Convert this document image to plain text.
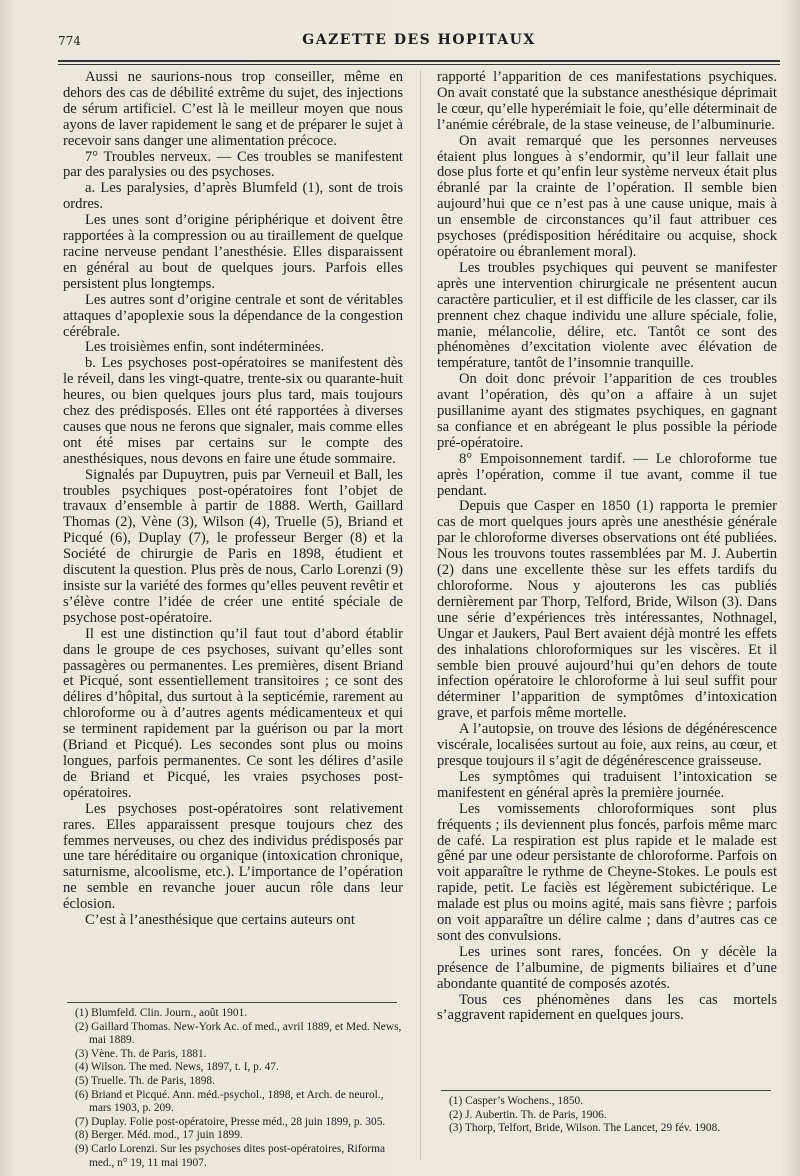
774	GAZETTE DES HOPITAUX

Aussi ne saurions-nous trop conseiller, même en dehors des cas de débilité extrême du sujet, des injections de sérum artificiel. C’est là le meilleur moyen que nous ayons de laver rapidement le sang et de préparer le sujet à recevoir sans danger une alimentation précoce.

7° Troubles nerveux. — Ces troubles se manifestent par des paralysies ou des psychoses.

a. Les paralysies, d’après Blumfeld (1), sont de trois ordres.

Les unes sont d’origine périphérique et doivent être rapportées à la compression ou au tiraillement de quelque racine nerveuse pendant l’anesthésie. Elles disparaissent en général au bout de quelques jours. Parfois elles persistent plus longtemps.

Les autres sont d’origine centrale et sont de véritables attaques d’apoplexie sous la dépendance de la congestion cérébrale.

Les troisièmes enfin, sont indéterminées.

b. Les psychoses post-opératoires se manifestent dès le réveil, dans les vingt-quatre, trente-six ou quarante-huit heures, ou bien quelques jours plus tard, mais toujours chez des prédisposés. Elles ont été rapportées à diverses causes que nous ne ferons que signaler, mais comme elles ont été mises par certains sur le compte des anesthésiques, nous devons en faire une étude sommaire.

Signalés par Dupuytren, puis par Verneuil et Ball, les troubles psychiques post-opératoires font l’objet de travaux d’ensemble à partir de 1888. Werth, Gaillard Thomas (2), Vène (3), Wilson (4), Truelle (5), Briand et Picqué (6), Duplay (7), le professeur Berger (8) et la Société de chirurgie de Paris en 1898, étudient et discutent la question. Plus près de nous, Carlo Lorenzi (9) insiste sur la variété des formes qu’elles peuvent revêtir et s’élève contre l’idée de créer une entité spéciale de psychose post-opératoire.

Il est une distinction qu’il faut tout d’abord établir dans le groupe de ces psychoses, suivant qu’elles sont passagères ou permanentes. Les premières, disent Briand et Picqué, sont essentiellement transitoires ; ce sont des délires d’hôpital, dus surtout à la septicémie, rarement au chloroforme ou à d’autres agents médicamenteux et qui se terminent rapidement par la guérison ou par la mort (Briand et Picqué). Les secondes sont plus ou moins longues, parfois permanentes. Ce sont les délires d’asile de Briand et Picqué, les vraies psychoses post-opératoires.

Les psychoses post-opératoires sont relativement rares. Elles apparaissent presque toujours chez des femmes nerveuses, ou chez des individus prédisposés par une tare héréditaire ou organique (intoxication chronique, saturnisme, alcoolisme, etc.). L’importance de l’opération ne semble en revanche jouer aucun rôle dans leur éclosion.

C’est à l’anesthésique que certains auteurs ont

rapporté l’apparition de ces manifestations psychiques. On avait constaté que la substance anesthésique déprimait le cœur, qu’elle hyperémiait le foie, qu’elle déterminait de l’anémie cérébrale, de la stase veineuse, de l’albuminurie.

On avait remarqué que les personnes nerveuses étaient plus longues à s’endormir, qu’il leur fallait une dose plus forte et qu’enfin leur système nerveux était plus ébranlé par la crainte de l’opération. Il semble bien aujourd’hui que ce n’est pas à une cause unique, mais à un ensemble de circonstances qu’il faut attribuer ces psychoses (prédisposition héréditaire ou acquise, shock opératoire ou ébranlement moral).

Les troubles psychiques qui peuvent se manifester après une intervention chirurgicale ne présentent aucun caractère particulier, et il est difficile de les classer, car ils prennent chez chaque individu une allure spéciale, folie, manie, mélancolie, délire, etc. Tantôt ce sont des phénomènes d’excitation violente avec élévation de température, tantôt de l’insomnie tranquille.

On doit donc prévoir l’apparition de ces troubles avant l’opération, dès qu’on a affaire à un sujet pusillanime ayant des stigmates psychiques, en gagnant sa confiance et en abrégeant le plus possible la période pré-opératoire.

8° Empoisonnement tardif. — Le chloroforme tue après l’opération, comme il tue avant, comme il tue pendant.

Depuis que Casper en 1850 (1) rapporta le premier cas de mort quelques jours après une anesthésie générale par le chloroforme diverses observations ont été publiées. Nous les trouvons toutes rassemblées par M. J. Aubertin (2) dans une excellente thèse sur les effets tardifs du chloroforme. Nous y ajouterons les cas publiés dernièrement par Thorp, Telford, Bride, Wilson (3). Dans une série d’expériences très intéressantes, Nothnagel, Ungar et Jaukers, Paul Bert avaient déjà montré les effets des inhalations chloroformiques sur les viscères. Et il semble bien prouvé aujourd’hui qu’en dehors de toute infection opératoire le chloroforme à lui seul suffit pour déterminer l’apparition de symptômes d’intoxication grave, et parfois même mortelle.

A l’autopsie, on trouve des lésions de dégénérescence viscérale, localisées surtout au foie, aux reins, au cœur, et presque toujours il s’agit de dégénérescence graisseuse.

Les symptômes qui traduisent l’intoxication se manifestent en général après la première journée.

Les vomissements chloroformiques sont plus fréquents ; ils deviennent plus foncés, parfois même marc de café. La respiration est plus rapide et le malade est gêné par une odeur persistante de chloroforme. Parfois on voit apparaître le rythme de Cheyne-Stokes. Le pouls est rapide, petit. Le faciès est légèrement subictérique. Le malade est plus ou moins agité, mais sans fièvre ; parfois on voit apparaître un délire calme ; dans d’autres cas ce sont des convulsions.

Les urines sont rares, foncées. On y décèle la présence de l’albumine, de pigments biliaires et d’une abondante quantité de composés azotés.

Tous ces phénomènes dans les cas mortels s’aggravent rapidement en quelques jours.

(1) Blumfeld. Clin. Journ., août 1901.
(2) Gaillard Thomas. New-York Ac. of med., avril 1889, et Med. News, mai 1889.
(3) Vène. Th. de Paris, 1881.
(4) Wilson. The med. News, 1897, t. I, p. 47.
(5) Truelle. Th. de Paris, 1898.
(6) Briand et Picqué. Ann. méd.-psychol., 1898, et Arch. de neurol., mars 1903, p. 209.
(7) Duplay. Folie post-opératoire, Presse méd., 28 juin 1899, p. 305.
(8) Berger. Méd. mod., 17 juin 1899.
(9) Carlo Lorenzi. Sur les psychoses dites post-opératoires, Riforma med., n° 19, 11 mai 1907.
(1) Casper’s Wochens., 1850.
(2) J. Aubertin. Th. de Paris, 1906.
(3) Thorp, Telfort, Bride, Wilson. The Lancet, 29 fév. 1908.
